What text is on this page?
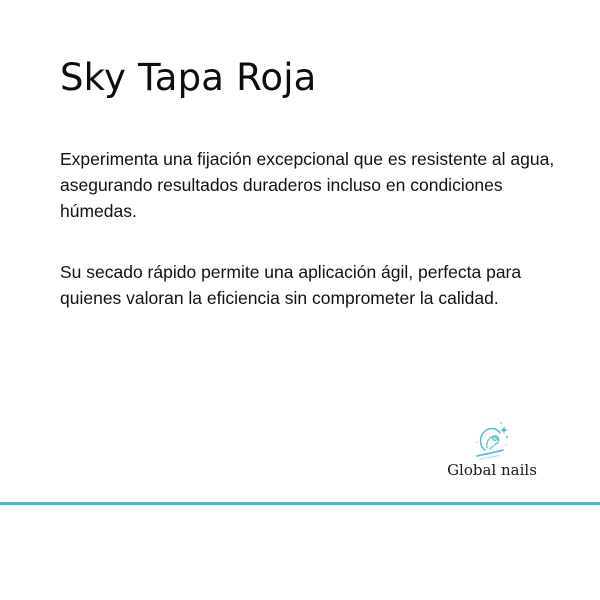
Sky Tapa Roja

Experimenta una fijación excepcional que es resistente al agua, asegurando resultados duraderos incluso en condiciones húmedas.

Su secado rápido permite una aplicación ágil, perfecta para quienes valoran la eficiencia sin comprometer la calidad.

Global nails
